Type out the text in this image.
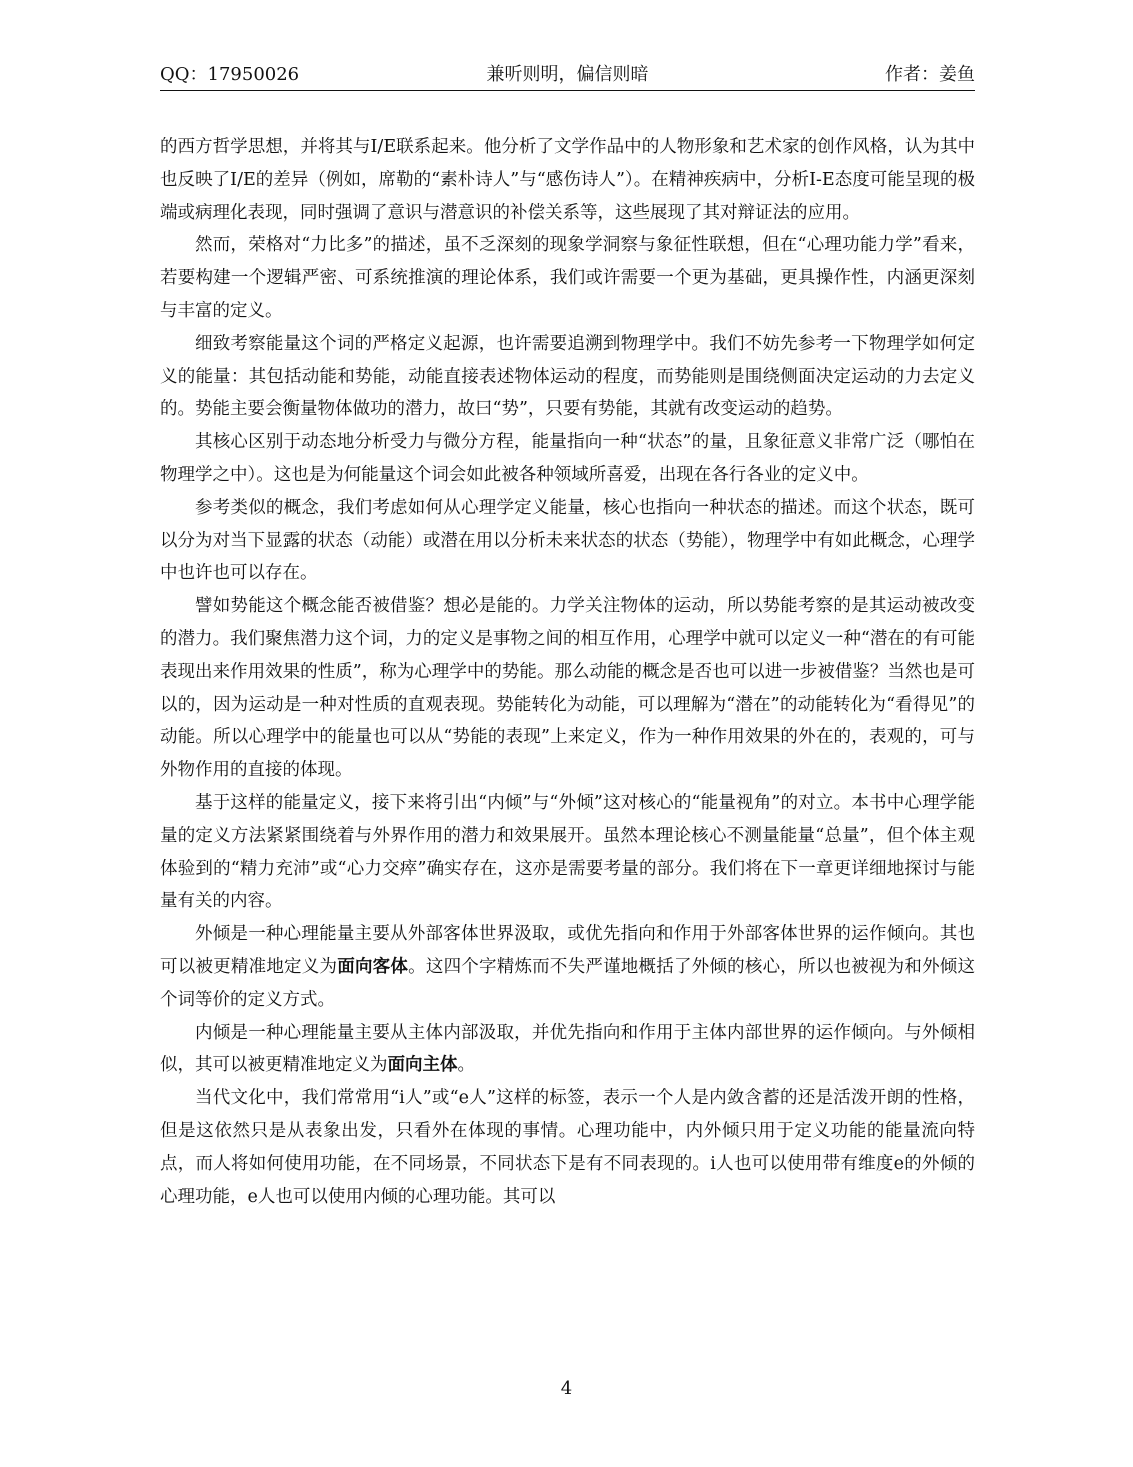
QQ：17950026	兼听则明，偏信则暗	作者：姜鱼

的西方哲学思想，并将其与I/E联系起来。他分析了文学作品中的人物形象和艺术家的创作风格，认为其中也反映了I/E的差异（例如，席勒的“素朴诗人”与“感伤诗人”）。在精神疾病中，分析I-E态度可能呈现的极端或病理化表现，同时强调了意识与潜意识的补偿关系等，这些展现了其对辩证法的应用。

然而，荣格对“力比多”的描述，虽不乏深刻的现象学洞察与象征性联想，但在“心理功能力学”看来，若要构建一个逻辑严密、可系统推演的理论体系，我们或许需要一个更为基础，更具操作性，内涵更深刻与丰富的定义。

细致考察能量这个词的严格定义起源，也许需要追溯到物理学中。我们不妨先参考一下物理学如何定义的能量：其包括动能和势能，动能直接表述物体运动的程度，而势能则是围绕侧面决定运动的力去定义的。势能主要会衡量物体做功的潜力，故曰“势”，只要有势能，其就有改变运动的趋势。

其核心区别于动态地分析受力与微分方程，能量指向一种“状态”的量，且象征意义非常广泛（哪怕在物理学之中）。这也是为何能量这个词会如此被各种领域所喜爱，出现在各行各业的定义中。

参考类似的概念，我们考虑如何从心理学定义能量，核心也指向一种状态的描述。而这个状态，既可以分为对当下显露的状态（动能）或潜在用以分析未来状态的状态（势能），物理学中有如此概念，心理学中也许也可以存在。

譬如势能这个概念能否被借鉴？想必是能的。力学关注物体的运动，所以势能考察的是其运动被改变的潜力。我们聚焦潜力这个词，力的定义是事物之间的相互作用，心理学中就可以定义一种“潜在的有可能表现出来作用效果的性质”，称为心理学中的势能。那么动能的概念是否也可以进一步被借鉴？当然也是可以的，因为运动是一种对性质的直观表现。势能转化为动能，可以理解为“潜在”的动能转化为“看得见”的动能。所以心理学中的能量也可以从“势能的表现”上来定义，作为一种作用效果的外在的，表观的，可与外物作用的直接的体现。

基于这样的能量定义，接下来将引出“内倾”与“外倾”这对核心的“能量视角”的对立。本书中心理学能量的定义方法紧紧围绕着与外界作用的潜力和效果展开。虽然本理论核心不测量能量“总量”，但个体主观体验到的“精力充沛”或“心力交瘁”确实存在，这亦是需要考量的部分。我们将在下一章更详细地探讨与能量有关的内容。

外倾是一种心理能量主要从外部客体世界汲取，或优先指向和作用于外部客体世界的运作倾向。其也可以被更精准地定义为面向客体。这四个字精炼而不失严谨地概括了外倾的核心，所以也被视为和外倾这个词等价的定义方式。

内倾是一种心理能量主要从主体内部汲取，并优先指向和作用于主体内部世界的运作倾向。与外倾相似，其可以被更精准地定义为面向主体。

当代文化中，我们常常用“i人”或“e人”这样的标签，表示一个人是内敛含蓄的还是活泼开朗的性格，但是这依然只是从表象出发，只看外在体现的事情。心理功能中，内外倾只用于定义功能的能量流向特点，而人将如何使用功能，在不同场景，不同状态下是有不同表现的。i人也可以使用带有维度e的外倾的心理功能，e人也可以使用内倾的心理功能。其可以

4
